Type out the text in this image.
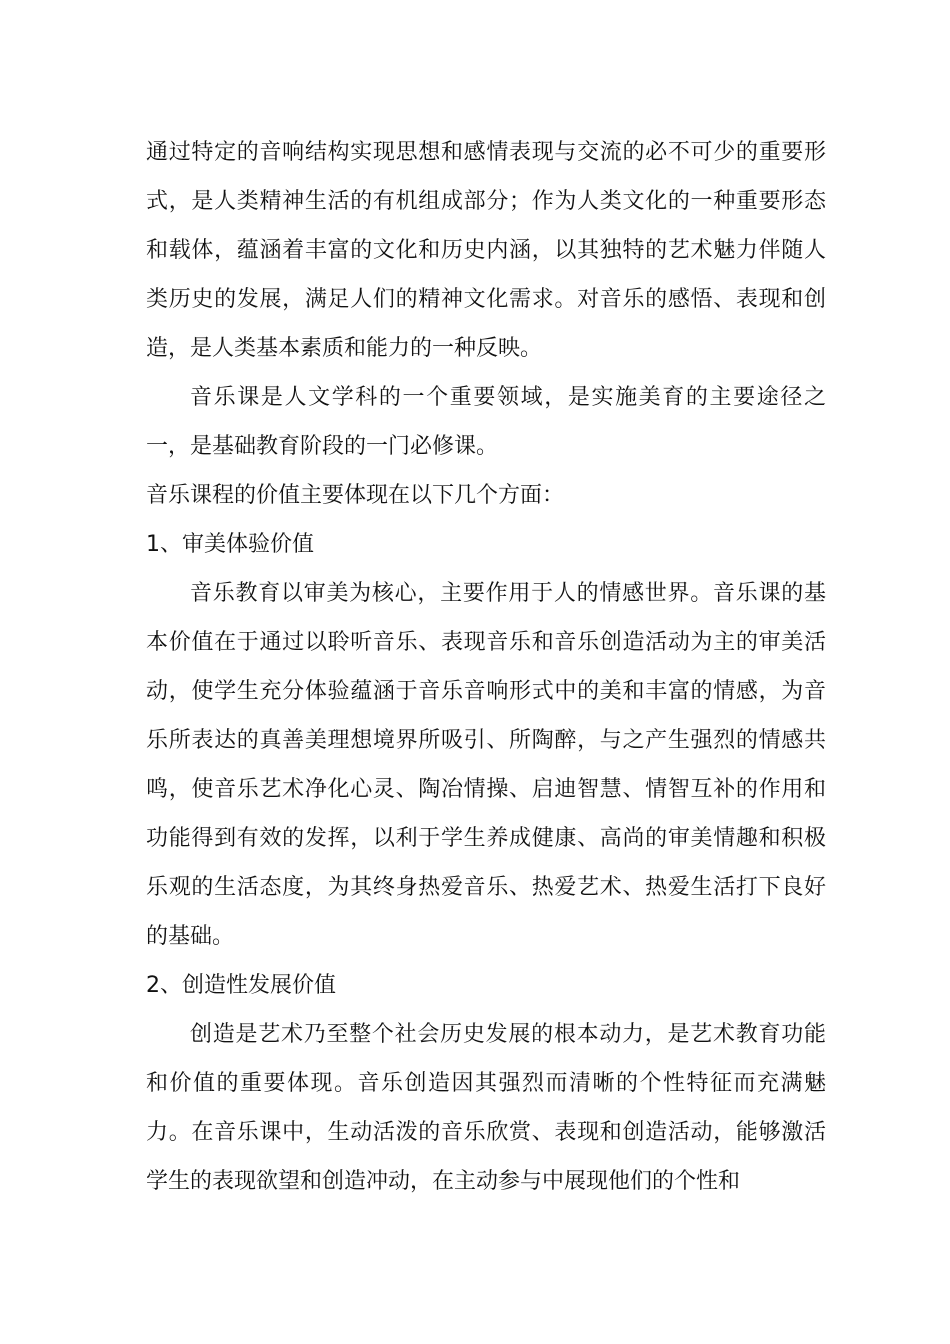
通过特定的音响结构实现思想和感情表现与交流的必不可少的重要形式，是人类精神生活的有机组成部分；作为人类文化的一种重要形态和载体，蕴涵着丰富的文化和历史内涵，以其独特的艺术魅力伴随人类历史的发展，满足人们的精神文化需求。对音乐的感悟、表现和创造，是人类基本素质和能力的一种反映。

音乐课是人文学科的一个重要领域，是实施美育的主要途径之一，是基础教育阶段的一门必修课。

音乐课程的价值主要体现在以下几个方面：

1、审美体验价值

音乐教育以审美为核心，主要作用于人的情感世界。音乐课的基本价值在于通过以聆听音乐、表现音乐和音乐创造活动为主的审美活动，使学生充分体验蕴涵于音乐音响形式中的美和丰富的情感，为音乐所表达的真善美理想境界所吸引、所陶醉，与之产生强烈的情感共鸣，使音乐艺术净化心灵、陶冶情操、启迪智慧、情智互补的作用和功能得到有效的发挥，以利于学生养成健康、高尚的审美情趣和积极乐观的生活态度，为其终身热爱音乐、热爱艺术、热爱生活打下良好的基础。

2、创造性发展价值

创造是艺术乃至整个社会历史发展的根本动力，是艺术教育功能和价值的重要体现。音乐创造因其强烈而清晰的个性特征而充满魅力。在音乐课中，生动活泼的音乐欣赏、表现和创造活动，能够激活学生的表现欲望和创造冲动，在主动参与中展现他们的个性和
